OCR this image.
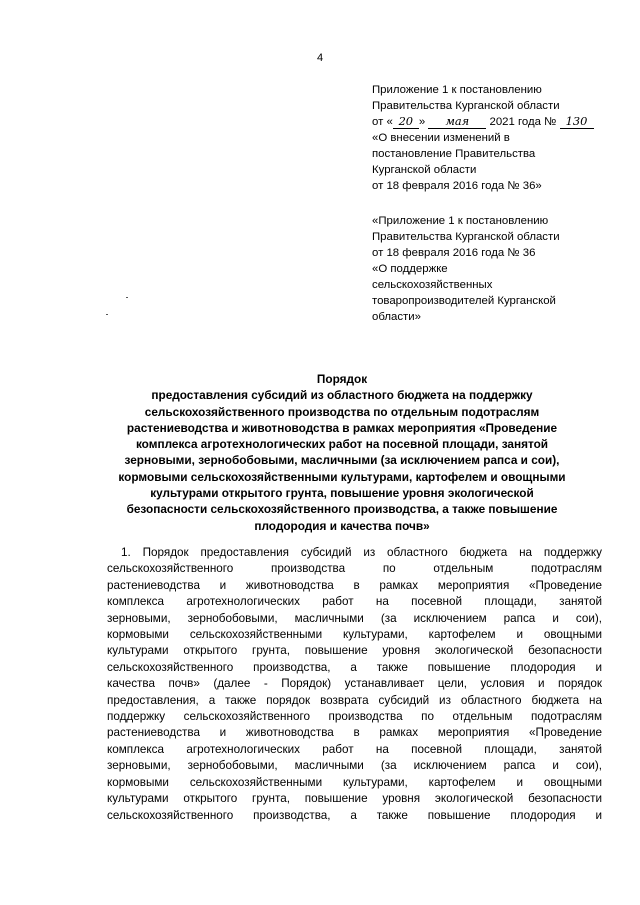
4
Приложение 1 к постановлению
Правительства Курганской области
от « 20 » мая 2021 года № 130
«О внесении изменений в
постановление Правительства
Курганской области
от 18 февраля 2016 года № 36»
«Приложение 1 к постановлению
Правительства Курганской области
от 18 февраля 2016 года № 36
«О поддержке
сельскохозяйственных
товаропроизводителей Курганской
области»
Порядок
предоставления субсидий из областного бюджета на поддержку
сельскохозяйственного производства по отдельным подотраслям
растениеводства и животноводства в рамках мероприятия «Проведение
комплекса агротехнологических работ на посевной площади, занятой
зерновыми, зернобобовыми, масличными (за исключением рапса и сои),
кормовыми сельскохозяйственными культурами, картофелем и овощными
культурами открытого грунта, повышение уровня экологической
безопасности сельскохозяйственного производства, а также повышение
плодородия и качества почв»
1. Порядок предоставления субсидий из областного бюджета на поддержку
сельскохозяйственного производства по отдельным подотраслям
растениеводства и животноводства в рамках мероприятия «Проведение
комплекса агротехнологических работ на посевной площади, занятой
зерновыми, зернобобовыми, масличными (за исключением рапса и сои),
кормовыми сельскохозяйственными культурами, картофелем и овощными
культурами открытого грунта, повышение уровня экологической безопасности
сельскохозяйственного производства, а также повышение плодородия и
качества почв» (далее - Порядок) устанавливает цели, условия и порядок
предоставления, а также порядок возврата субсидий из областного бюджета на
поддержку сельскохозяйственного производства по отдельным подотраслям
растениеводства и животноводства в рамках мероприятия «Проведение
комплекса агротехнологических работ на посевной площади, занятой
зерновыми, зернобобовыми, масличными (за исключением рапса и сои),
кормовыми сельскохозяйственными культурами, картофелем и овощными
культурами открытого грунта, повышение уровня экологической безопасности
сельскохозяйственного производства, а также повышение плодородия и
